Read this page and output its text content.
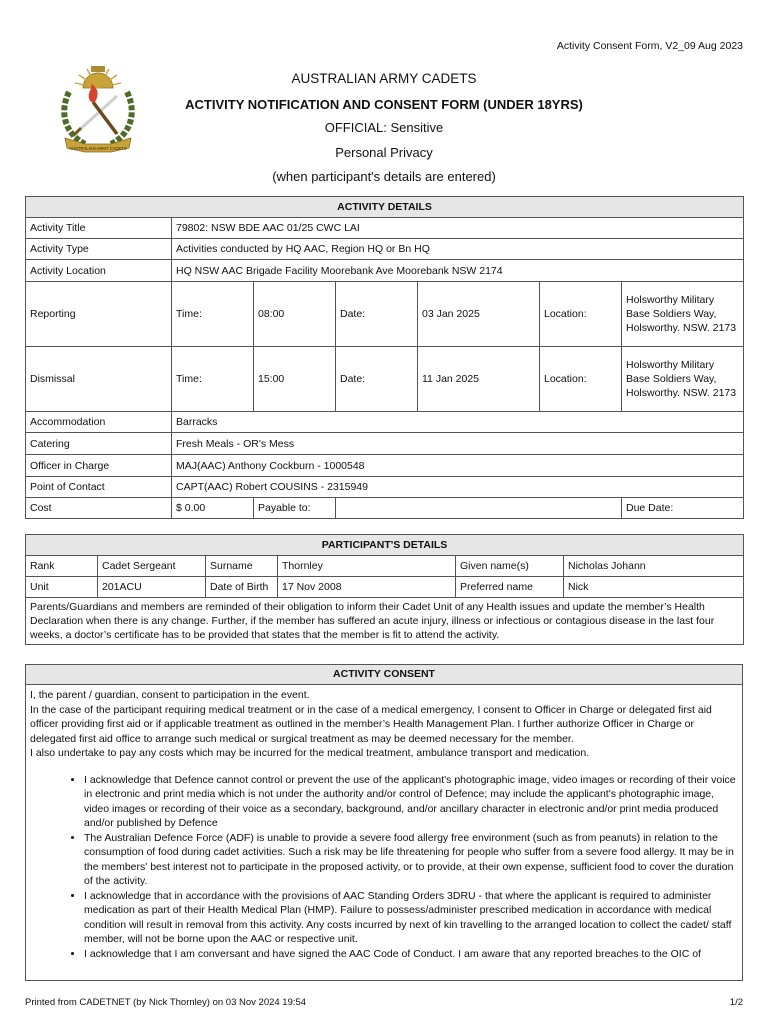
Activity Consent Form, V2_09 Aug 2023
AUSTRALIAN ARMY CADETS
AUSTRALIAN ARMY CADETS
ACTIVITY NOTIFICATION AND CONSENT FORM (UNDER 18YRS)
OFFICIAL: Sensitive
Personal Privacy
(when participant's details are entered)
ACTIVITY DETAILS						
Activity Title	79802: NSW BDE AAC 01/25 CWC LAI					
Activity Type	Activities conducted by HQ AAC, Region HQ or Bn HQ					
Activity Location	HQ NSW AAC Brigade Facility Moorebank Ave Moorebank NSW 2174					
Reporting	Time:	08:00	Date:	03 Jan 2025	Location:	Holsworthy Military Base Soldiers Way, Holsworthy. NSW. 2173
Dismissal	Time:	15:00	Date:	11 Jan 2025	Location:	Holsworthy Military Base Soldiers Way, Holsworthy. NSW. 2173
Accommodation	Barracks					
Catering	Fresh Meals - OR's Mess					
Officer in Charge	MAJ(AAC) Anthony Cockburn - 1000548					
Point of Contact	CAPT(AAC) Robert COUSINS - 2315949					
Cost	$ 0.00	Payable to:				Due Date:
PARTICIPANT'S DETAILS					
Rank	Cadet Sergeant	Surname	Thornley	Given name(s)	Nicholas Johann
Unit	201ACU	Date of Birth	17 Nov 2008	Preferred name	Nick
Parents/Guardians and members are reminded of their obligation to inform their Cadet Unit of any Health issues and update the member’s Health Declaration when there is any change. Further, if the member has suffered an acute injury, illness or infectious or contagious disease in the last four weeks, a doctor’s certificate has to be provided that states that the member is fit to attend the activity.					
ACTIVITY CONSENT

I, the parent / guardian, consent to participation in the event.

In the case of the participant requiring medical treatment or in the case of a medical emergency, I consent to Officer in Charge or delegated first aid officer providing first aid or if applicable treatment as outlined in the member’s Health Management Plan. I further authorize Officer in Charge or delegated first aid office to arrange such medical or surgical treatment as may be deemed necessary for the member.

I also undertake to pay any costs which may be incurred for the medical treatment, ambulance transport and medication.

• I acknowledge that Defence cannot control or prevent the use of the applicant's photographic image, video images or recording of their voice in electronic and print media which is not under the authority and/or control of Defence; may include the applicant's photographic image, video images or recording of their voice as a secondary, background, and/or ancillary character in electronic and/or print media produced and/or published by Defence
• The Australian Defence Force (ADF) is unable to provide a severe food allergy free environment (such as from peanuts) in relation to the consumption of food during cadet activities. Such a risk may be life threatening for people who suffer from a severe food allergy. It may be in the members' best interest not to participate in the proposed activity, or to provide, at their own expense, sufficient food to cover the duration of the activity.
• I acknowledge that in accordance with the provisions of AAC Standing Orders 3DRU - that where the applicant is required to administer medication as part of their Health Medical Plan (HMP). Failure to possess/administer prescribed medication in accordance with medical condition will result in removal from this activity. Any costs incurred by next of kin travelling to the arranged location to collect the cadet/ staff member, will not be borne upon the AAC or respective unit.
• I acknowledge that I am conversant and have signed the AAC Code of Conduct. I am aware that any reported breaches to the OIC of
Printed from CADETNET (by Nick Thornley) on 03 Nov 2024 19:54	1/2
